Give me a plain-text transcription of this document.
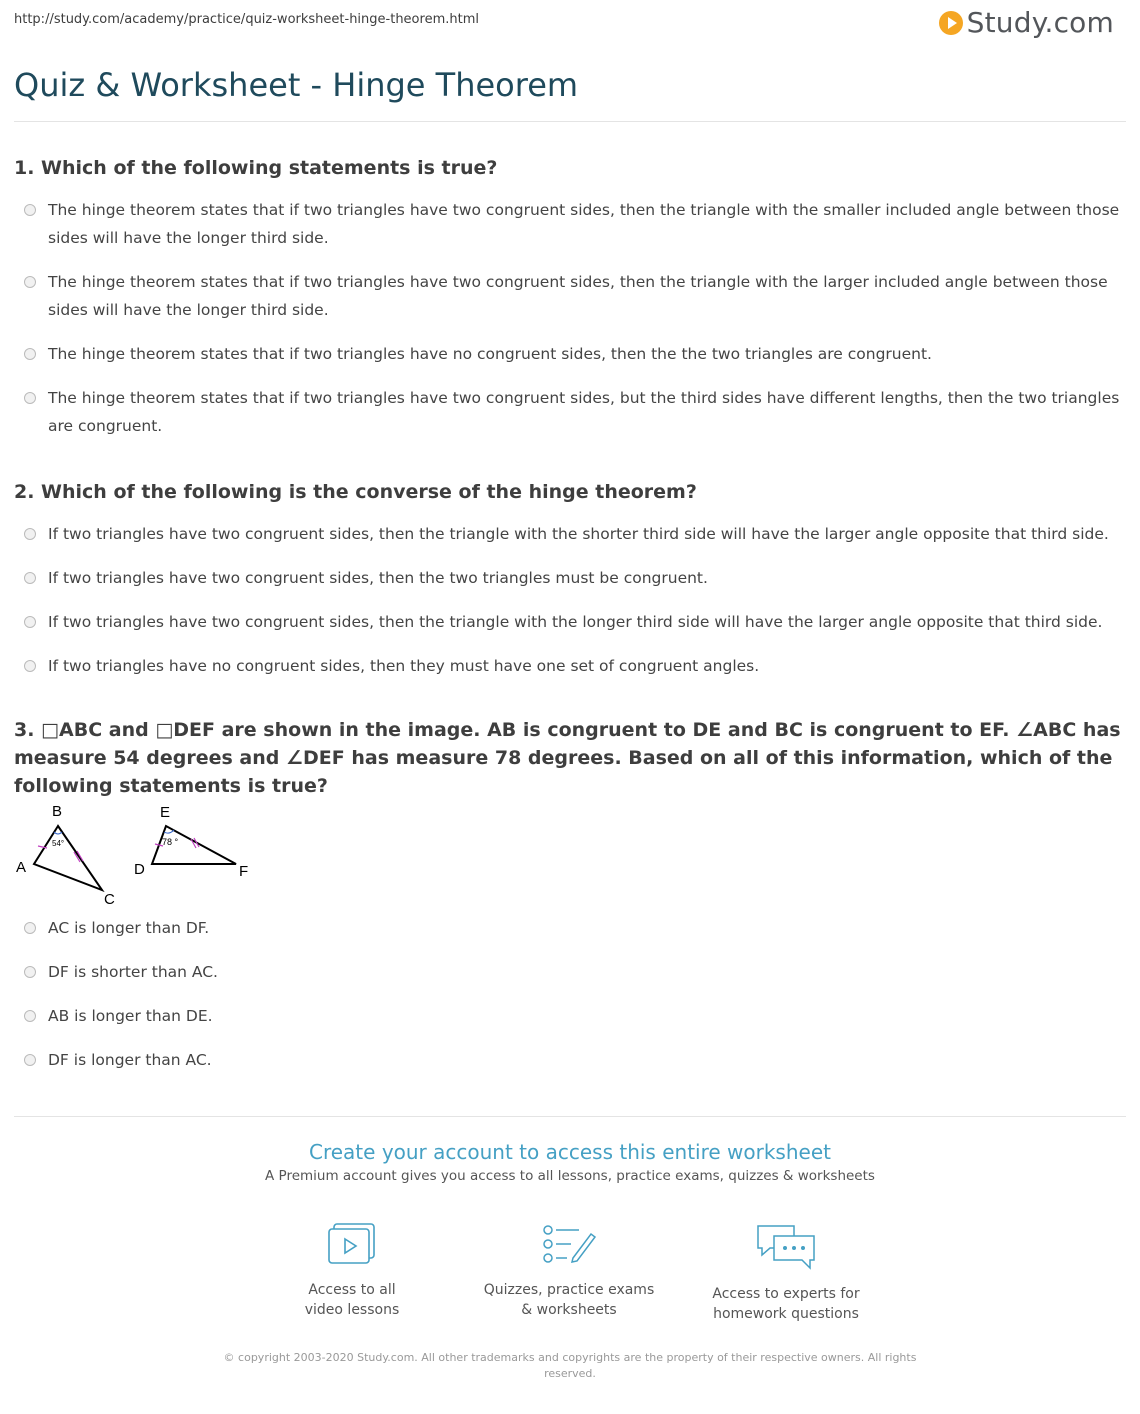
http://study.com/academy/practice/quiz-worksheet-hinge-theorem.html	Study.com
Quiz & Worksheet - Hinge Theorem

1. Which of the following statements is true?

The hinge theorem states that if two triangles have two congruent sides, then the triangle with the smaller included angle between those sides will have the longer third side.
The hinge theorem states that if two triangles have two congruent sides, then the triangle with the larger included angle between those sides will have the longer third side.
The hinge theorem states that if two triangles have no congruent sides, then the the two triangles are congruent.
The hinge theorem states that if two triangles have two congruent sides, but the third sides have different lengths, then the two triangles are congruent.

2. Which of the following is the converse of the hinge theorem?

If two triangles have two congruent sides, then the triangle with the shorter third side will have the larger angle opposite that third side.
If two triangles have two congruent sides, then the two triangles must be congruent.
If two triangles have two congruent sides, then the triangle with the longer third side will have the larger angle opposite that third side.
If two triangles have no congruent sides, then they must have one set of congruent angles.

3. □ABC and □DEF are shown in the image. AB is congruent to DE and BC is congruent to EF. ∠ABC has measure 54 degrees and ∠DEF has measure 78 degrees. Based on all of this information, which of the following statements is true?

B
A
C
54°
E
D	F
78 °
AC is longer than DF.
DF is shorter than AC.
AB is longer than DE.
DF is longer than AC.
Create your account to access this entire worksheet
A Premium account gives you access to all lessons, practice exams, quizzes & worksheets
Access to all
video lessons
Quizzes, practice exams
& worksheets
Access to experts for
homework questions
© copyright 2003-2020 Study.com. All other trademarks and copyrights are the property of their respective owners. All rights reserved.
